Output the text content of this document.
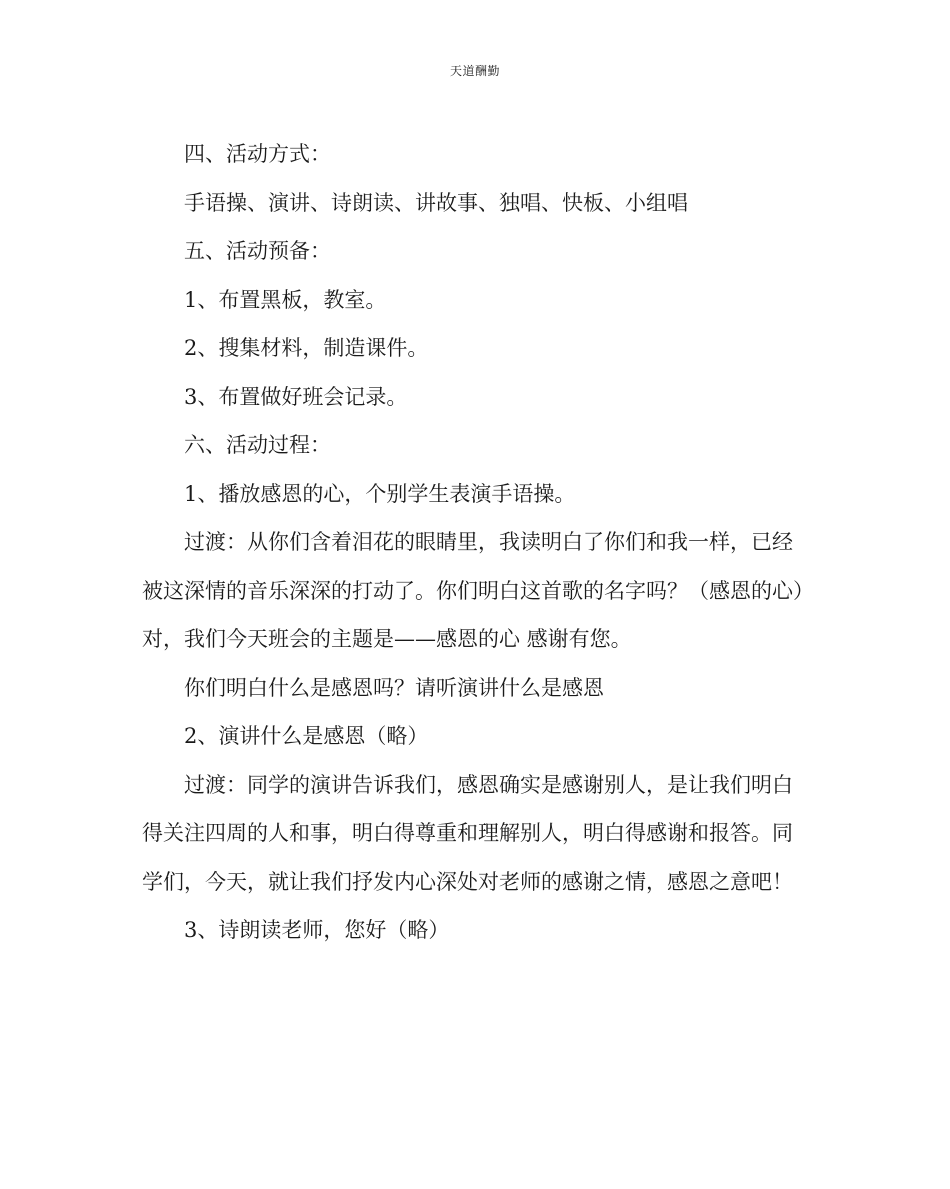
天道酬勤

四、活动方式：

手语操、演讲、诗朗读、讲故事、独唱、快板、小组唱

五、活动预备：

1、布置黑板，教室。

2、搜集材料，制造课件。

3、布置做好班会记录。

六、活动过程：

1、播放感恩的心，个别学生表演手语操。

过渡：从你们含着泪花的眼睛里，我读明白了你们和我一样，已经被这深情的音乐深深的打动了。你们明白这首歌的名字吗？（感恩的心）对，我们今天班会的主题是——感恩的心 感谢有您。

你们明白什么是感恩吗？请听演讲什么是感恩

2、演讲什么是感恩（略）

过渡：同学的演讲告诉我们，感恩确实是感谢别人，是让我们明白得关注四周的人和事，明白得尊重和理解别人，明白得感谢和报答。同学们，今天，就让我们抒发内心深处对老师的感谢之情，感恩之意吧！

3、诗朗读老师，您好（略）
